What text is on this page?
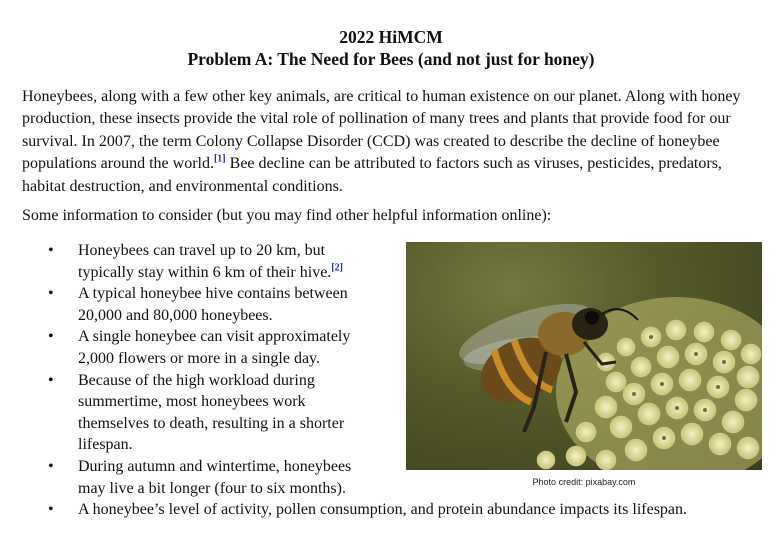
2022 HiMCM
Problem A: The Need for Bees (and not just for honey)

Honeybees, along with a few other key animals, are critical to human existence on our planet. Along with honey production, these insects provide the vital role of pollination of many trees and plants that provide food for our survival. In 2007, the term Colony Collapse Disorder (CCD) was created to describe the decline of honeybee populations around the world.[1] Bee decline can be attributed to factors such as viruses, pesticides, predators, habitat destruction, and environmental conditions.

Some information to consider (but you may find other helpful information online):
• Honeybees can travel up to 20 km, but typically stay within 6 km of their hive.[2]
• A typical honeybee hive contains between 20,000 and 80,000 honeybees.
• A single honeybee can visit approximately 2,000 flowers or more in a single day.
• Because of the high workload during summertime, most honeybees work themselves to death, resulting in a shorter lifespan.
• During autumn and wintertime, honeybees may live a bit longer (four to six months).
• A honeybee’s level of activity, pollen consumption, and protein abundance impacts its lifespan.
Photo credit: pixabay.com
